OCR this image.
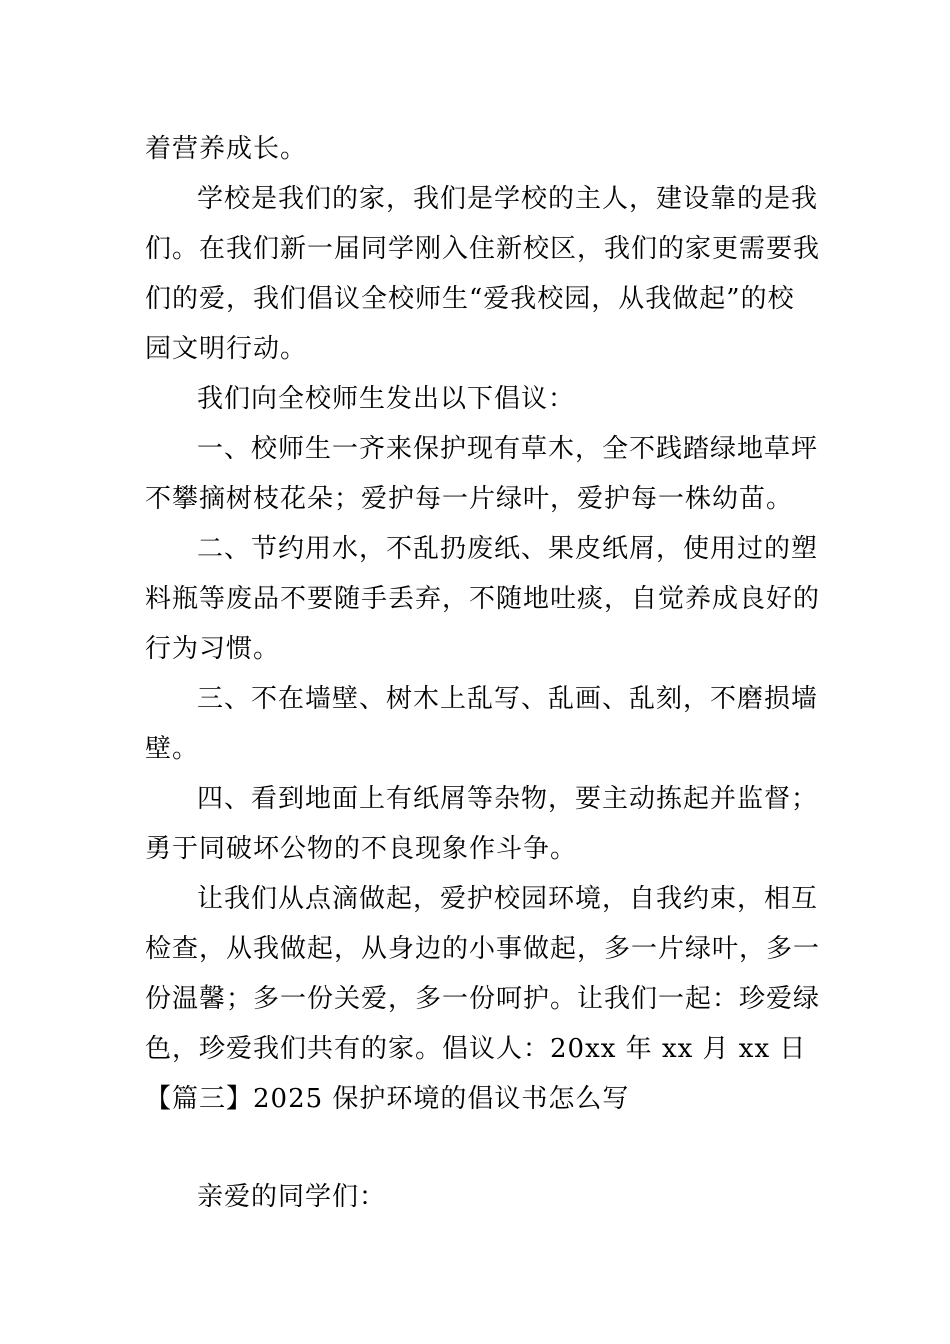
着营养成长。
学校是我们的家，我们是学校的主人，建设靠的是我
们。在我们新一届同学刚入住新校区，我们的家更需要我
们的爱，我们倡议全校师生“爱我校园，从我做起”的校
园文明行动。
我们向全校师生发出以下倡议：
一、校师生一齐来保护现有草木，全不践踏绿地草坪
不攀摘树枝花朵；爱护每一片绿叶，爱护每一株幼苗。
二、节约用水，不乱扔废纸、果皮纸屑，使用过的塑
料瓶等废品不要随手丢弃，不随地吐痰，自觉养成良好的
行为习惯。
三、不在墙壁、树木上乱写、乱画、乱刻，不磨损墙
壁。
四、看到地面上有纸屑等杂物，要主动拣起并监督；
勇于同破坏公物的不良现象作斗争。
让我们从点滴做起，爱护校园环境，自我约束，相互
检查，从我做起，从身边的小事做起，多一片绿叶，多一
份温馨；多一份关爱，多一份呵护。让我们一起：珍爱绿
色，珍爱我们共有的家。倡议人：20xx 年 xx 月 xx 日
【篇三】2025 保护环境的倡议书怎么写
亲爱的同学们：
